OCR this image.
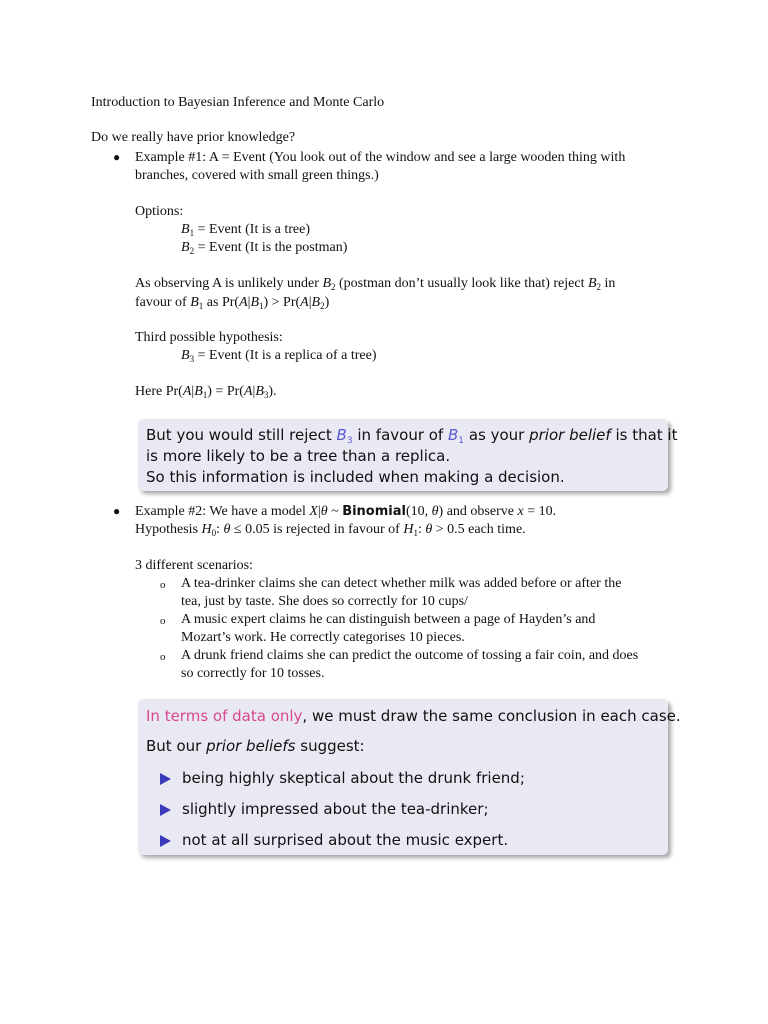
Introduction to Bayesian Inference and Monte Carlo
Do we really have prior knowledge?
● Example #1: A = Event (You look out of the window and see a large wooden thing with
branches, covered with small green things.)
Options:
$B_1$ = Event (It is a tree)
$B_2$ = Event (It is the postman)
As observing A is unlikely under $B_2$ (postman don’t usually look like that) reject $B_2$ in
favour of $B_1$ as $Pr(A|B_1) > Pr(A|B_2)$
Third possible hypothesis:
$B_3$ = Event (It is a replica of a tree)
Here $Pr(A|B_1) = Pr(A|B_3)$.
But you would still reject $B_3$ in favour of $B_1$ as your prior belief is that it
is more likely to be a tree than a replica.
So this information is included when making a decision.
● Example #2: We have a model X|θ ~ Binomial(10, θ) and observe x = 10.
Hypothesis $H_0$: θ ≤ 0.05 is rejected in favour of $H_1$: θ > 0.5 each time.
3 different scenarios:
o A tea-drinker claims she can detect whether milk was added before or after the
tea, just by taste. She does so correctly for 10 cups/
o A music expert claims he can distinguish between a page of Hayden’s and
Mozart’s work. He correctly categorises 10 pieces.
o A drunk friend claims she can predict the outcome of tossing a fair coin, and does
so correctly for 10 tosses.
In terms of data only, we must draw the same conclusion in each case.
But our prior beliefs suggest:
being highly skeptical about the drunk friend;
slightly impressed about the tea-drinker;
not at all surprised about the music expert.
